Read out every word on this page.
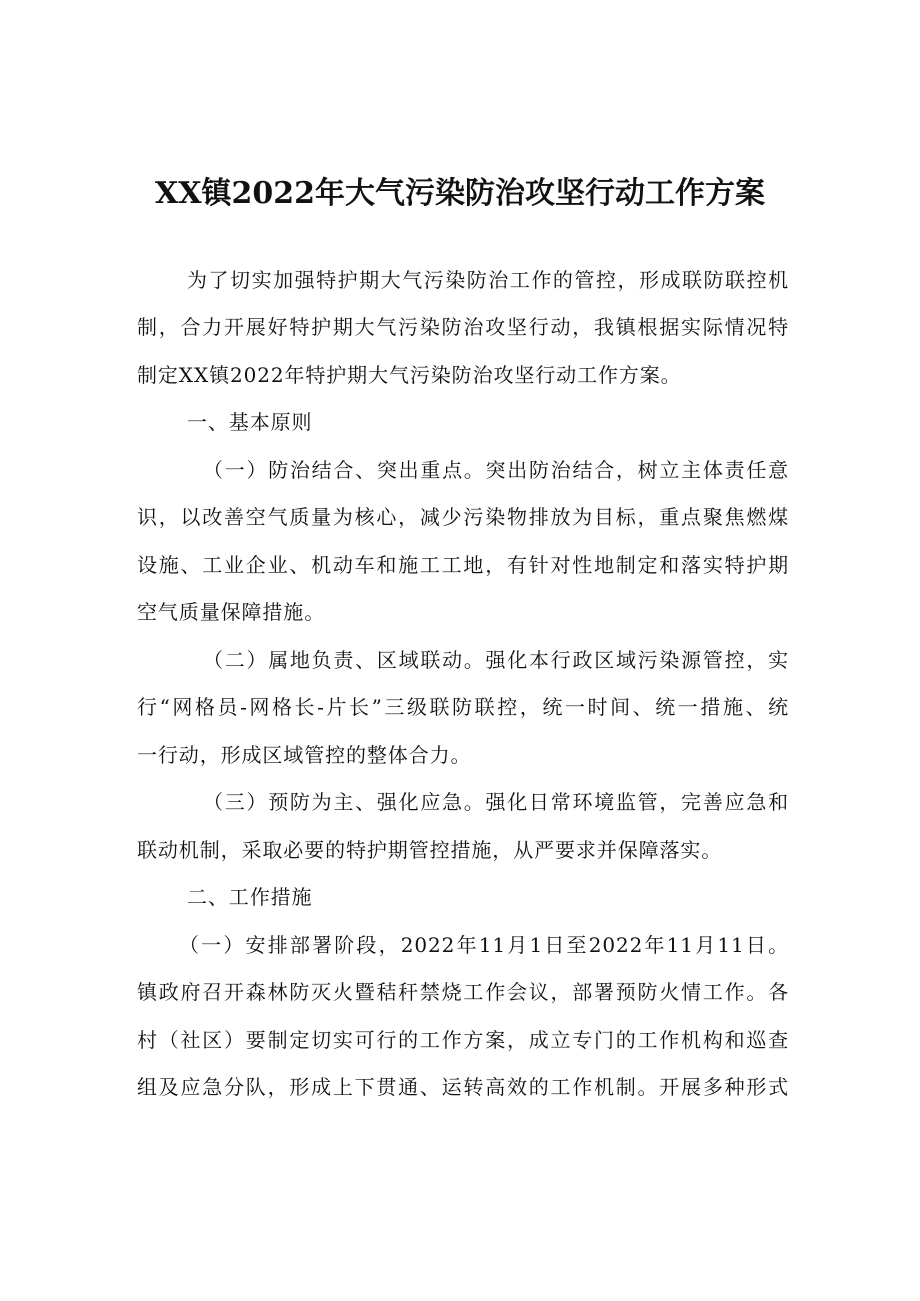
XX镇2022年大气污染防治攻坚行动工作方案
为了切实加强特护期大气污染防治工作的管控，形成联防联控机
制，合力开展好特护期大气污染防治攻坚行动，我镇根据实际情况特
制定XX镇2022年特护期大气污染防治攻坚行动工作方案。
一、基本原则
（一）防治结合、突出重点。突出防治结合，树立主体责任意
识，以改善空气质量为核心，减少污染物排放为目标，重点聚焦燃煤
设施、工业企业、机动车和施工工地，有针对性地制定和落实特护期
空气质量保障措施。
（二）属地负责、区域联动。强化本行政区域污染源管控，实
行“网格员-网格长-片长”三级联防联控，统一时间、统一措施、统
一行动，形成区域管控的整体合力。
（三）预防为主、强化应急。强化日常环境监管，完善应急和
联动机制，采取必要的特护期管控措施，从严要求并保障落实。
二、工作措施
（一）安排部署阶段，2022年11月1日至2022年11月11日。
镇政府召开森林防灭火暨秸秆禁烧工作会议，部署预防火情工作。各
村（社区）要制定切实可行的工作方案，成立专门的工作机构和巡查
组及应急分队，形成上下贯通、运转高效的工作机制。开展多种形式
